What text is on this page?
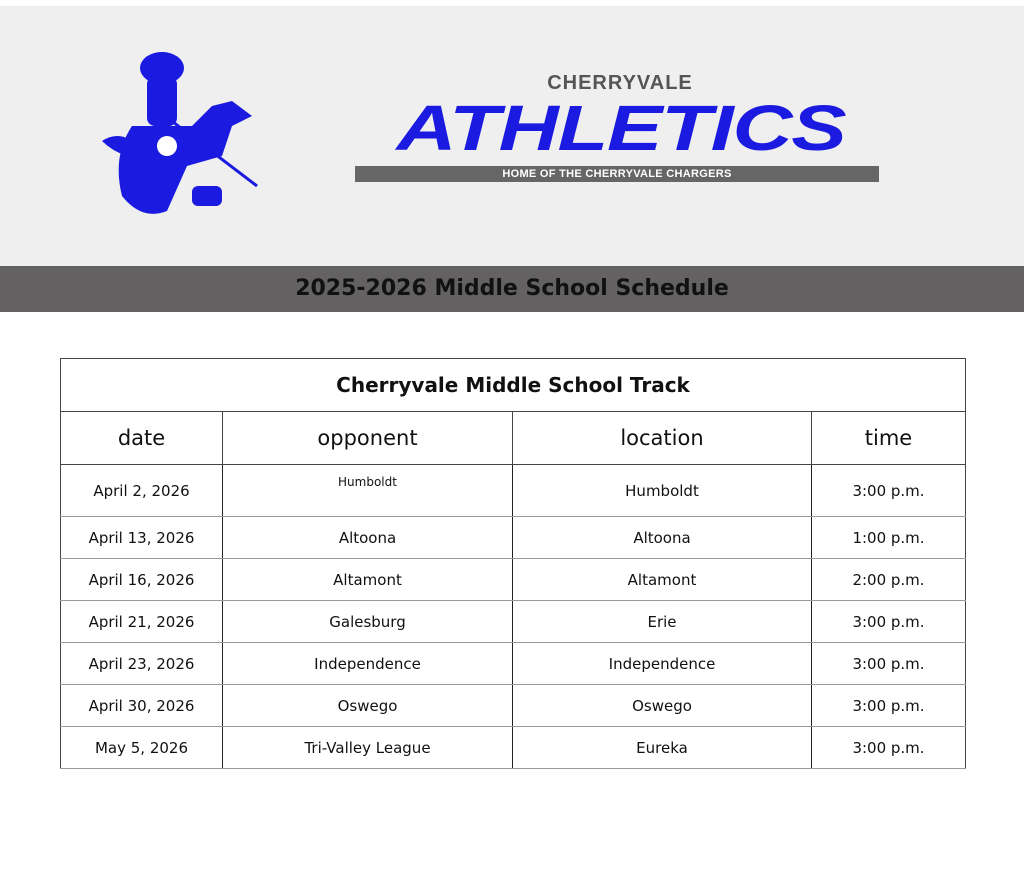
CHERRYVALE
ATHLETICS
HOME OF THE CHERRYVALE CHARGERS
2025-2026 Middle School Schedule
Cherryvale Middle School Track			
date	opponent	location	time
April 2, 2026	Humboldt	Humboldt	3:00 p.m.
April 13, 2026	Altoona	Altoona	1:00 p.m.
April 16, 2026	Altamont	Altamont	2:00 p.m.
April 21, 2026	Galesburg	Erie	3:00 p.m.
April 23, 2026	Independence	Independence	3:00 p.m.
April 30, 2026	Oswego	Oswego	3:00 p.m.
May 5, 2026	Tri-Valley League	Eureka	3:00 p.m.
